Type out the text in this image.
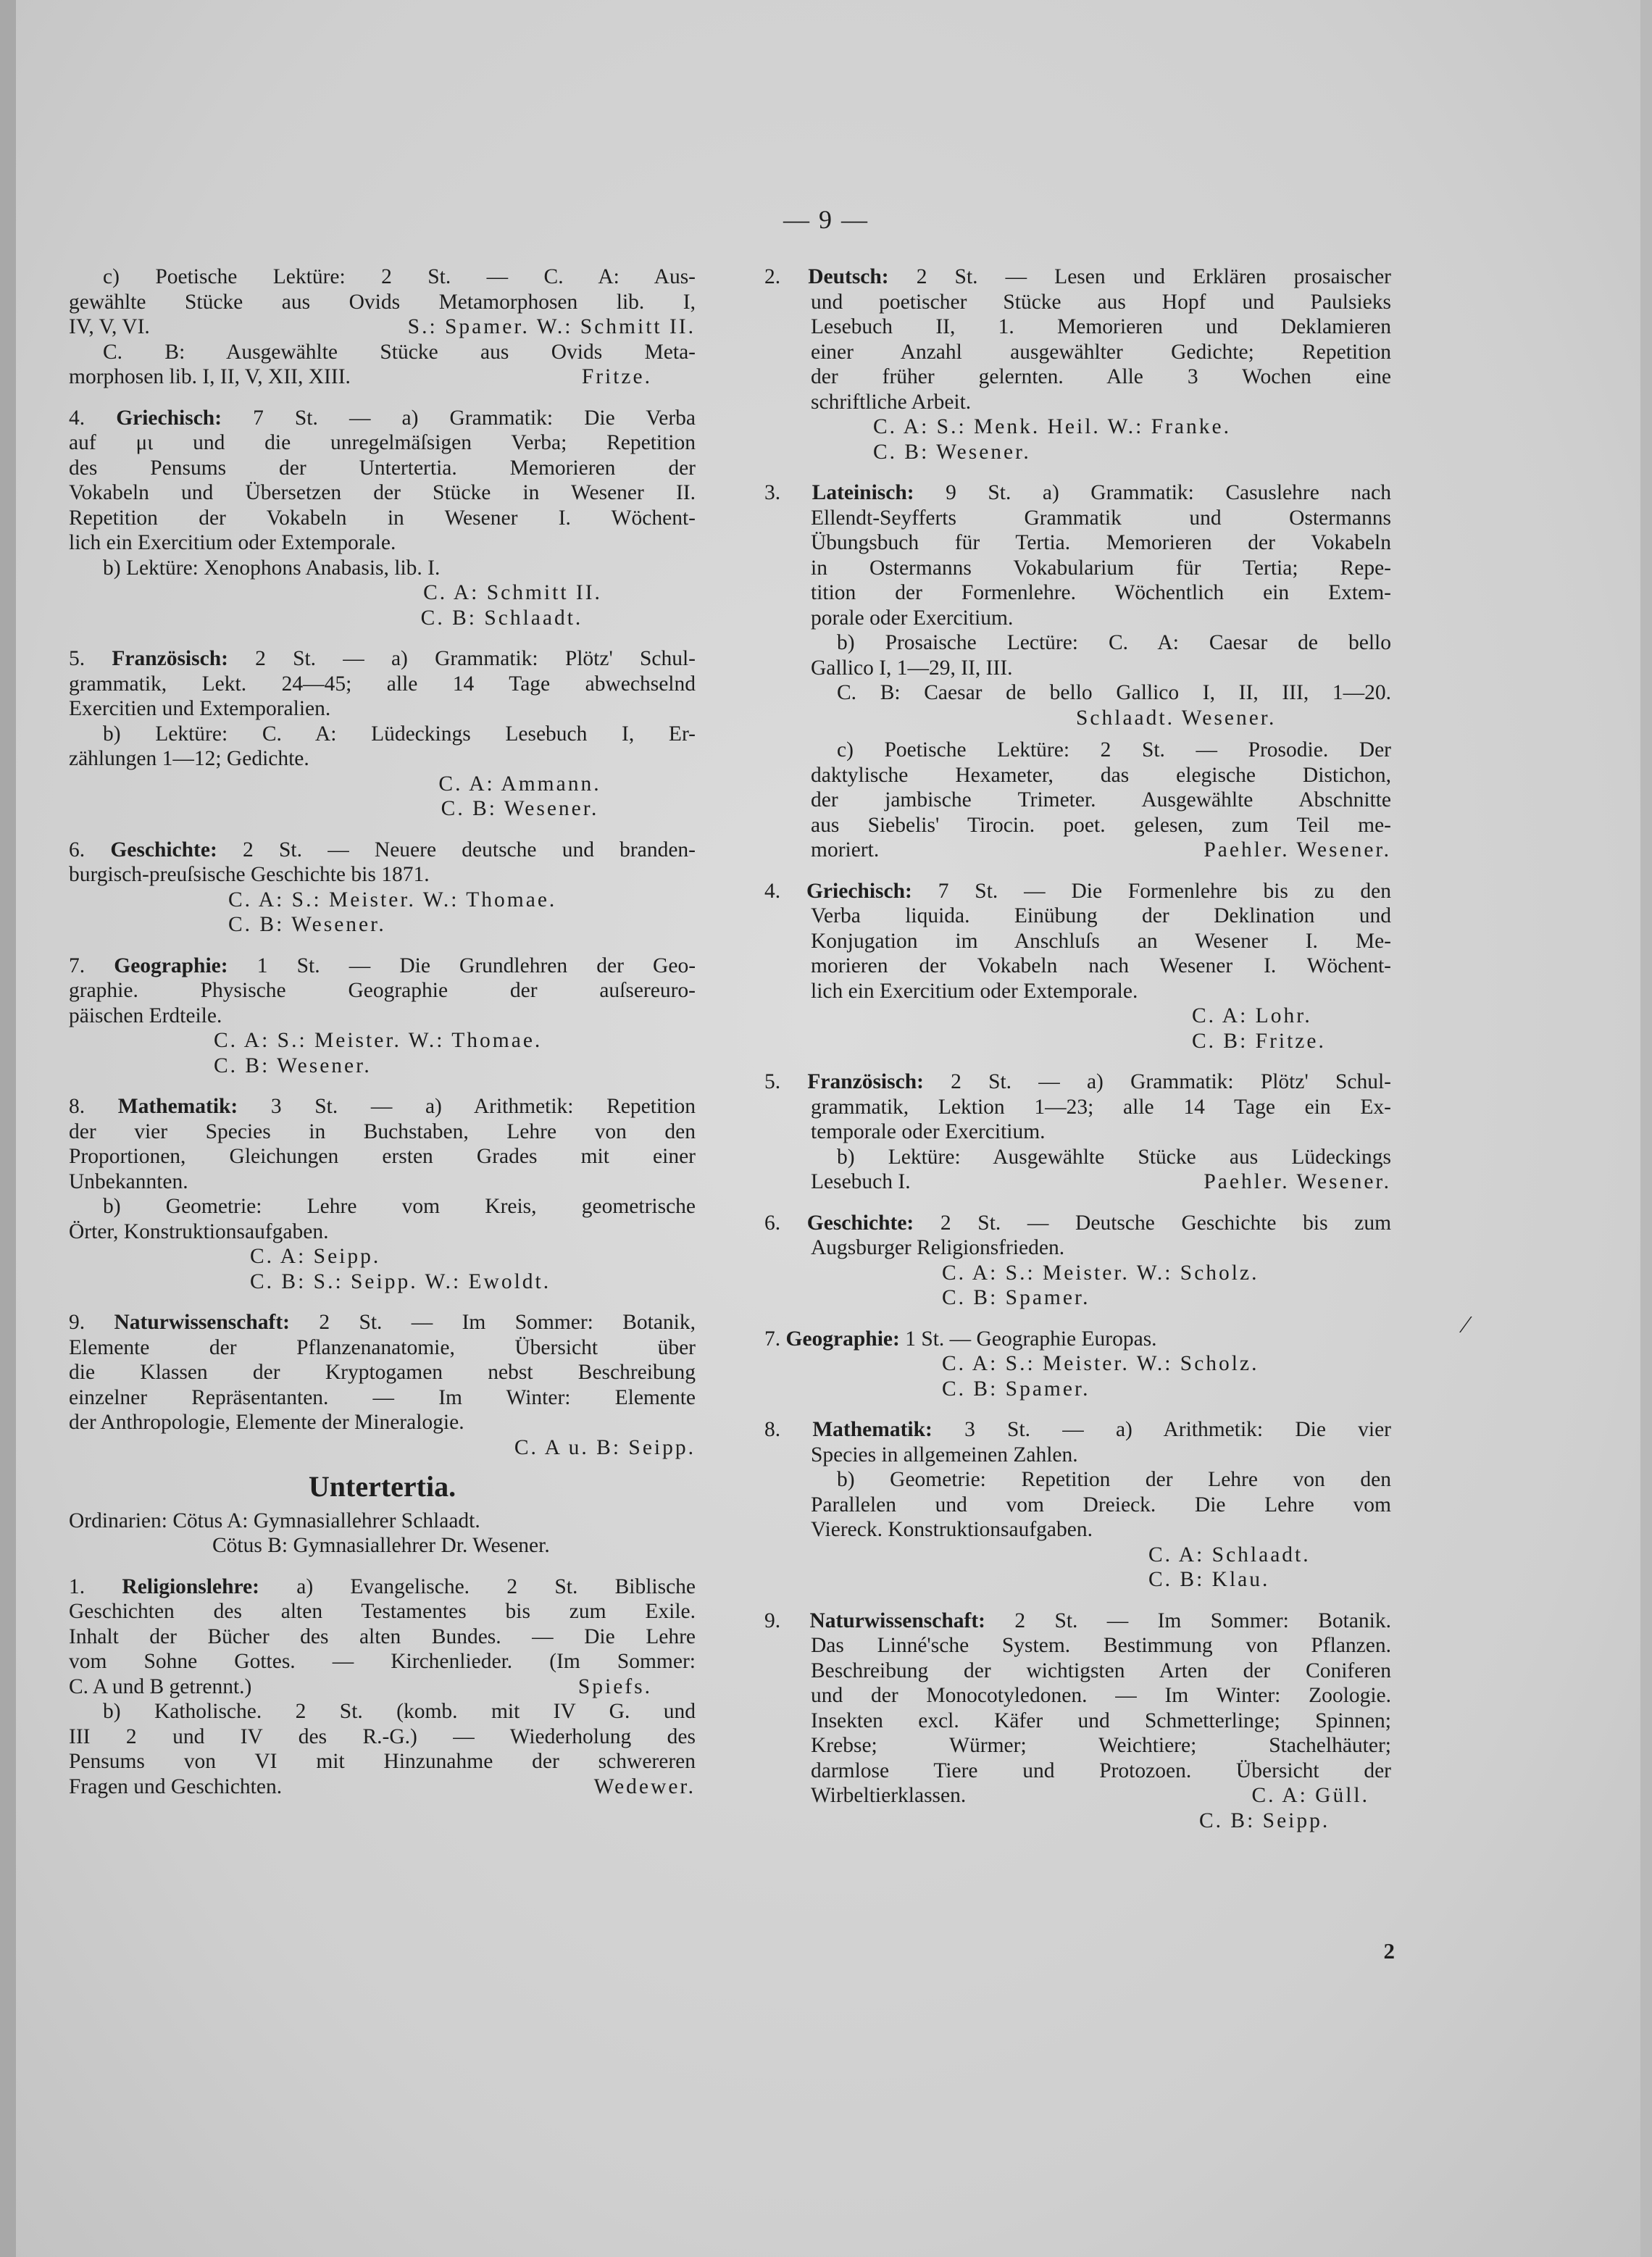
— 9 —

c) Poetische Lektüre: 2 St. — C. A: Aus-

gewählte Stücke aus Ovids Metamorphosen lib. I,

IV, V, VI.	S.: Spamer. W.: Schmitt II.

C. B: Ausgewählte Stücke aus Ovids Meta-

morphosen lib. I, II, V, XII, XIII.	Fritze.

4. Griechisch: 7 St. — a) Grammatik: Die Verba

auf μι und die unregelmäſsigen Verba; Repetition

des Pensums der Untertertia. Memorieren der

Vokabeln und Übersetzen der Stücke in Wesener II.

Repetition der Vokabeln in Wesener I. Wöchent-

lich ein Exercitium oder Extemporale.

b) Lektüre: Xenophons Anabasis, lib. I.

C. A: Schmitt II.

C. B: Schlaadt.

5. Französisch: 2 St. — a) Grammatik: Plötz' Schul-

grammatik, Lekt. 24—45; alle 14 Tage abwechselnd

Exercitien und Extemporalien.

b) Lektüre: C. A: Lüdeckings Lesebuch I, Er-

zählungen 1—12; Gedichte.

C. A: Ammann.

C. B: Wesener.

6. Geschichte: 2 St. — Neuere deutsche und branden-

burgisch-preuſsische Geschichte bis 1871.

C. A: S.: Meister. W.: Thomae.

C. B: Wesener.

7. Geographie: 1 St. — Die Grundlehren der Geo-

graphie. Physische Geographie der auſsereuro-

päischen Erdteile.

C. A: S.: Meister. W.: Thomae.

C. B: Wesener.

8. Mathematik: 3 St. — a) Arithmetik: Repetition

der vier Species in Buchstaben, Lehre von den

Proportionen, Gleichungen ersten Grades mit einer

Unbekannten.

b) Geometrie: Lehre vom Kreis, geometrische

Örter, Konstruktionsaufgaben.

C. A: Seipp.

C. B: S.: Seipp. W.: Ewoldt.

9. Naturwissenschaft: 2 St. — Im Sommer: Botanik,

Elemente der Pflanzenanatomie, Übersicht über

die Klassen der Kryptogamen nebst Beschreibung

einzelner Repräsentanten. — Im Winter: Elemente

der Anthropologie, Elemente der Mineralogie.

C. A u. B: Seipp.

Untertertia.

Ordinarien: Cötus A: Gymnasiallehrer Schlaadt.

Cötus B: Gymnasiallehrer Dr. Wesener.

1. Religionslehre: a) Evangelische. 2 St. Biblische

Geschichten des alten Testamentes bis zum Exile.

Inhalt der Bücher des alten Bundes. — Die Lehre

vom Sohne Gottes. — Kirchenlieder. (Im Sommer:

C. A und B getrennt.)	Spiefs.

b) Katholische. 2 St. (komb. mit IV G. und

III 2 und IV des R.-G.) — Wiederholung des

Pensums von VI mit Hinzunahme der schwereren

Fragen und Geschichten.	Wedewer.

2. Deutsch: 2 St. — Lesen und Erklären prosaischer

und poetischer Stücke aus Hopf und Paulsieks

Lesebuch II, 1. Memorieren und Deklamieren

einer Anzahl ausgewählter Gedichte; Repetition

der früher gelernten. Alle 3 Wochen eine

schriftliche Arbeit.

C. A: S.: Menk. Heil. W.: Franke.

C. B: Wesener.

3. Lateinisch: 9 St. a) Grammatik: Casuslehre nach

Ellendt-Seyfferts Grammatik und Ostermanns

Übungsbuch für Tertia. Memorieren der Vokabeln

in Ostermanns Vokabularium für Tertia; Repe-

tition der Formenlehre. Wöchentlich ein Extem-

porale oder Exercitium.

b) Prosaische Lectüre: C. A: Caesar de bello

Gallico I, 1—29, II, III.

C. B: Caesar de bello Gallico I, II, III, 1—20.

Schlaadt. Wesener.

c) Poetische Lektüre: 2 St. — Prosodie. Der

daktylische Hexameter, das elegische Distichon,

der jambische Trimeter. Ausgewählte Abschnitte

aus Siebelis' Tirocin. poet. gelesen, zum Teil me-

moriert.	Paehler. Wesener.

4. Griechisch: 7 St. — Die Formenlehre bis zu den

Verba liquida. Einübung der Deklination und

Konjugation im Anschluſs an Wesener I. Me-

morieren der Vokabeln nach Wesener I. Wöchent-

lich ein Exercitium oder Extemporale.

C. A: Lohr.

C. B: Fritze.

5. Französisch: 2 St. — a) Grammatik: Plötz' Schul-

grammatik, Lektion 1—23; alle 14 Tage ein Ex-

temporale oder Exercitium.

b) Lektüre: Ausgewählte Stücke aus Lüdeckings

Lesebuch I.	Paehler. Wesener.

6. Geschichte: 2 St. — Deutsche Geschichte bis zum

Augsburger Religionsfrieden.

C. A: S.: Meister. W.: Scholz.

C. B: Spamer.

7. Geographie: 1 St. — Geographie Europas.

C. A: S.: Meister. W.: Scholz.

C. B: Spamer.

8. Mathematik: 3 St. — a) Arithmetik: Die vier

Species in allgemeinen Zahlen.

b) Geometrie: Repetition der Lehre von den

Parallelen und vom Dreieck. Die Lehre vom

Viereck. Konstruktionsaufgaben.

C. A: Schlaadt.

C. B: Klau.

9. Naturwissenschaft: 2 St. — Im Sommer: Botanik.

Das Linné'sche System. Bestimmung von Pflanzen.

Beschreibung der wichtigsten Arten der Coniferen

und der Monocotyledonen. — Im Winter: Zoologie.

Insekten excl. Käfer und Schmetterlinge; Spinnen;

Krebse; Würmer; Weichtiere; Stachelhäuter;

darmlose Tiere und Protozoen. Übersicht der

Wirbeltierklassen.	C. A: Güll.

C. B: Seipp.

2
⁄
